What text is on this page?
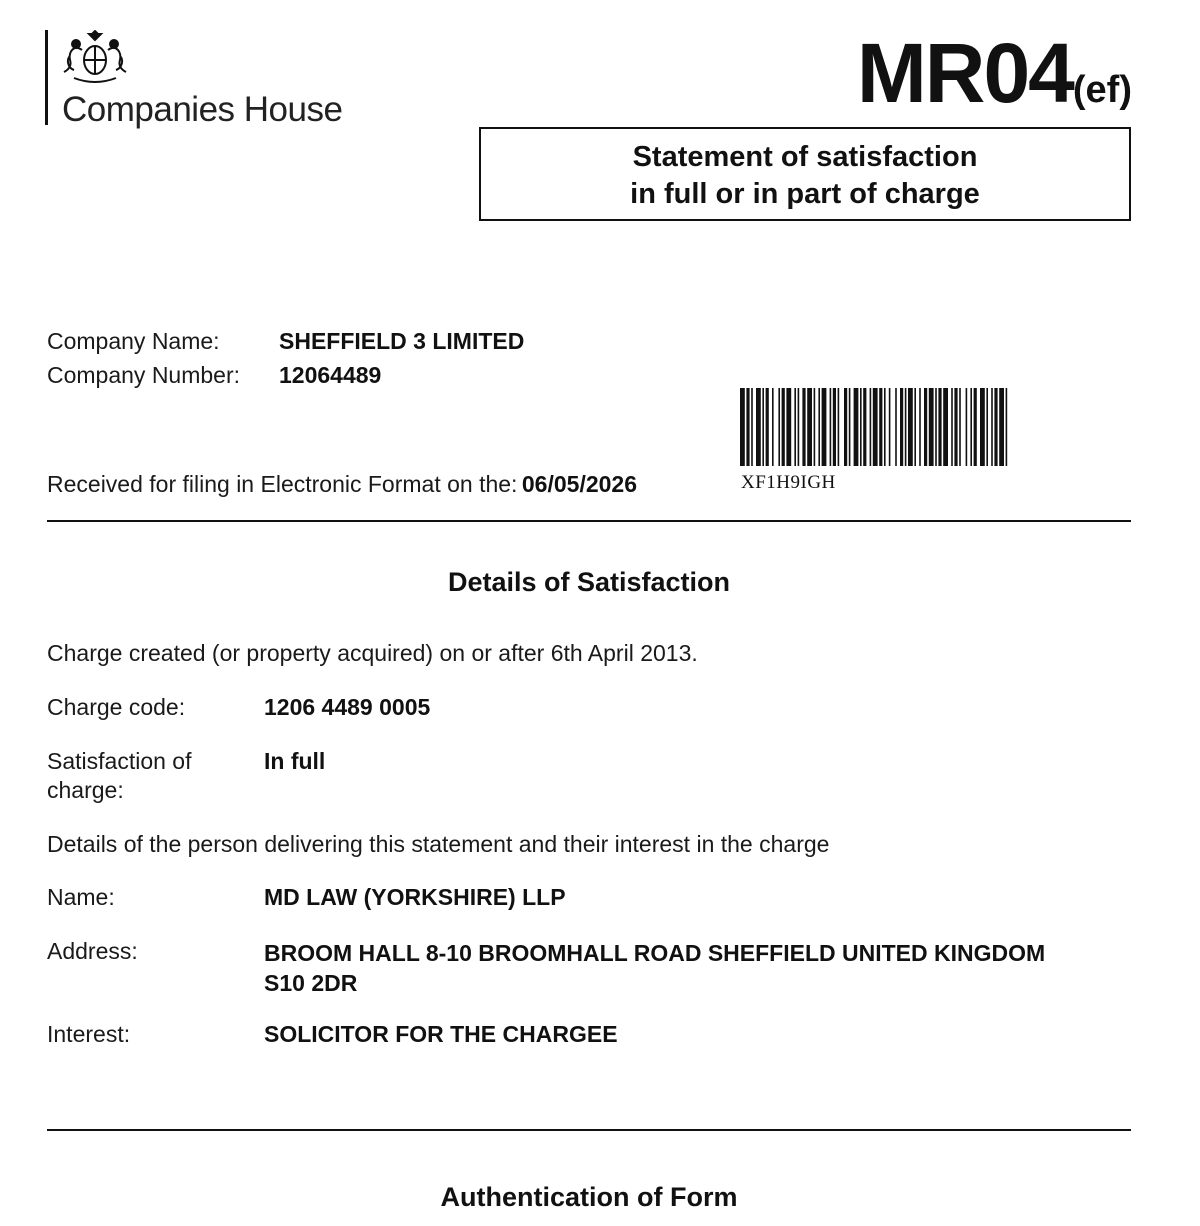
Companies House	MR04(ef)
Statement of satisfaction
in full or in part of charge
Company Name:	SHEFFIELD 3 LIMITED
Company Number: 12064489
XF1H9IGH
Received for filing in Electronic Format on the: 06/05/2026
Details of Satisfaction
Charge created (or property acquired) on or after 6th April 2013.
Charge code:	1206 4489 0005
Satisfaction of
charge:
In full
Details of the person delivering this statement and their interest in the charge
Name:	MD LAW (YORKSHIRE) LLP
Address:	BROOM HALL 8-10 BROOMHALL ROAD SHEFFIELD UNITED KINGDOM
S10 2DR
Interest:	SOLICITOR FOR THE CHARGEE
Authentication of Form
